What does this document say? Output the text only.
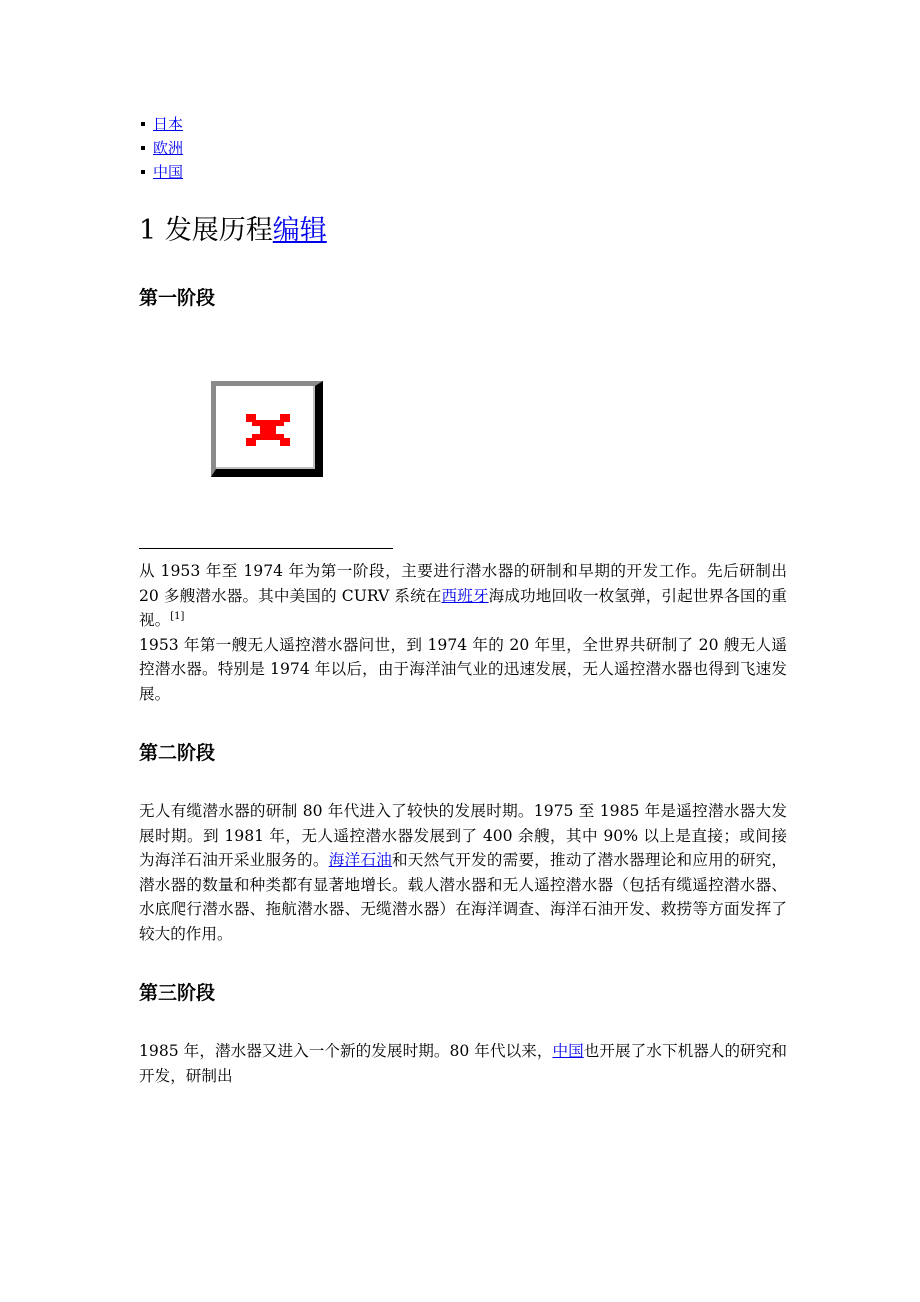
日本
欧洲
中国
1 发展历程编辑
第一阶段

从 1953 年至 1974 年为第一阶段，主要进行潜水器的研制和早期的开发工作。先后研制出 20 多艘潜水器。其中美国的 CURV 系统在西班牙海成功地回收一枚氢弹，引起世界各国的重视。[1]

1953 年第一艘无人遥控潜水器问世，到 1974 年的 20 年里，全世界共研制了 20 艘无人遥控潜水器。特别是 1974 年以后，由于海洋油气业的迅速发展，无人遥控潜水器也得到飞速发展。

第二阶段

无人有缆潜水器的研制 80 年代进入了较快的发展时期。1975 至 1985 年是遥控潜水器大发展时期。到 1981 年，无人遥控潜水器发展到了 400 余艘，其中 90% 以上是直接；或间接为海洋石油开采业服务的。海洋石油和天然气开发的需要，推动了潜水器理论和应用的研究，潜水器的数量和种类都有显著地增长。载人潜水器和无人遥控潜水器（包括有缆遥控潜水器、水底爬行潜水器、拖航潜水器、无缆潜水器）在海洋调查、海洋石油开发、救捞等方面发挥了较大的作用。

第三阶段

1985 年，潜水器又进入一个新的发展时期。80 年代以来，中国也开展了水下机器人的研究和开发，研制出
